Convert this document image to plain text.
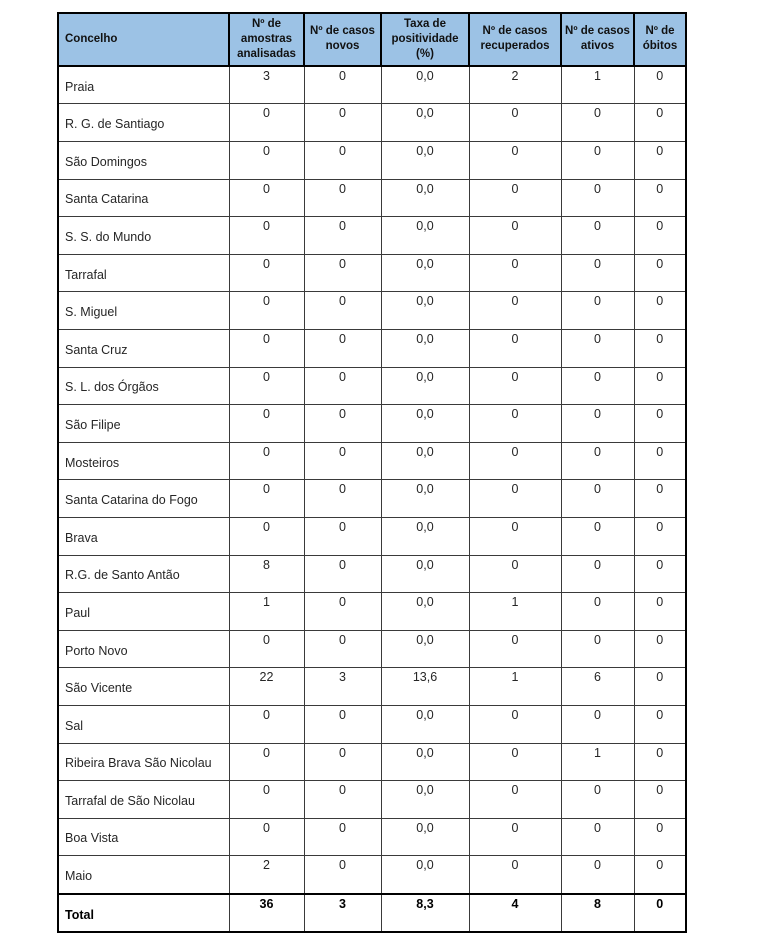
Concelho	Nº de amostras analisadas	Nº de casos novos	Taxa de positividade (%)	Nº de casos recuperados	Nº de casos ativos	Nº de óbitos
Praia	3	0	0,0	2	1	0
R. G. de Santiago	0	0	0,0	0	0	0
São Domingos	0	0	0,0	0	0	0
Santa Catarina	0	0	0,0	0	0	0
S. S. do Mundo	0	0	0,0	0	0	0
Tarrafal	0	0	0,0	0	0	0
S. Miguel	0	0	0,0	0	0	0
Santa Cruz	0	0	0,0	0	0	0
S. L. dos Órgãos	0	0	0,0	0	0	0
São Filipe	0	0	0,0	0	0	0
Mosteiros	0	0	0,0	0	0	0
Santa Catarina do Fogo	0	0	0,0	0	0	0
Brava	0	0	0,0	0	0	0
R.G. de Santo Antão	8	0	0,0	0	0	0
Paul	1	0	0,0	1	0	0
Porto Novo	0	0	0,0	0	0	0
São Vicente	22	3	13,6	1	6	0
Sal	0	0	0,0	0	0	0
Ribeira Brava São Nicolau	0	0	0,0	0	1	0
Tarrafal de São Nicolau	0	0	0,0	0	0	0
Boa Vista	0	0	0,0	0	0	0
Maio	2	0	0,0	0	0	0
Total	36	3	8,3	4	8	0
